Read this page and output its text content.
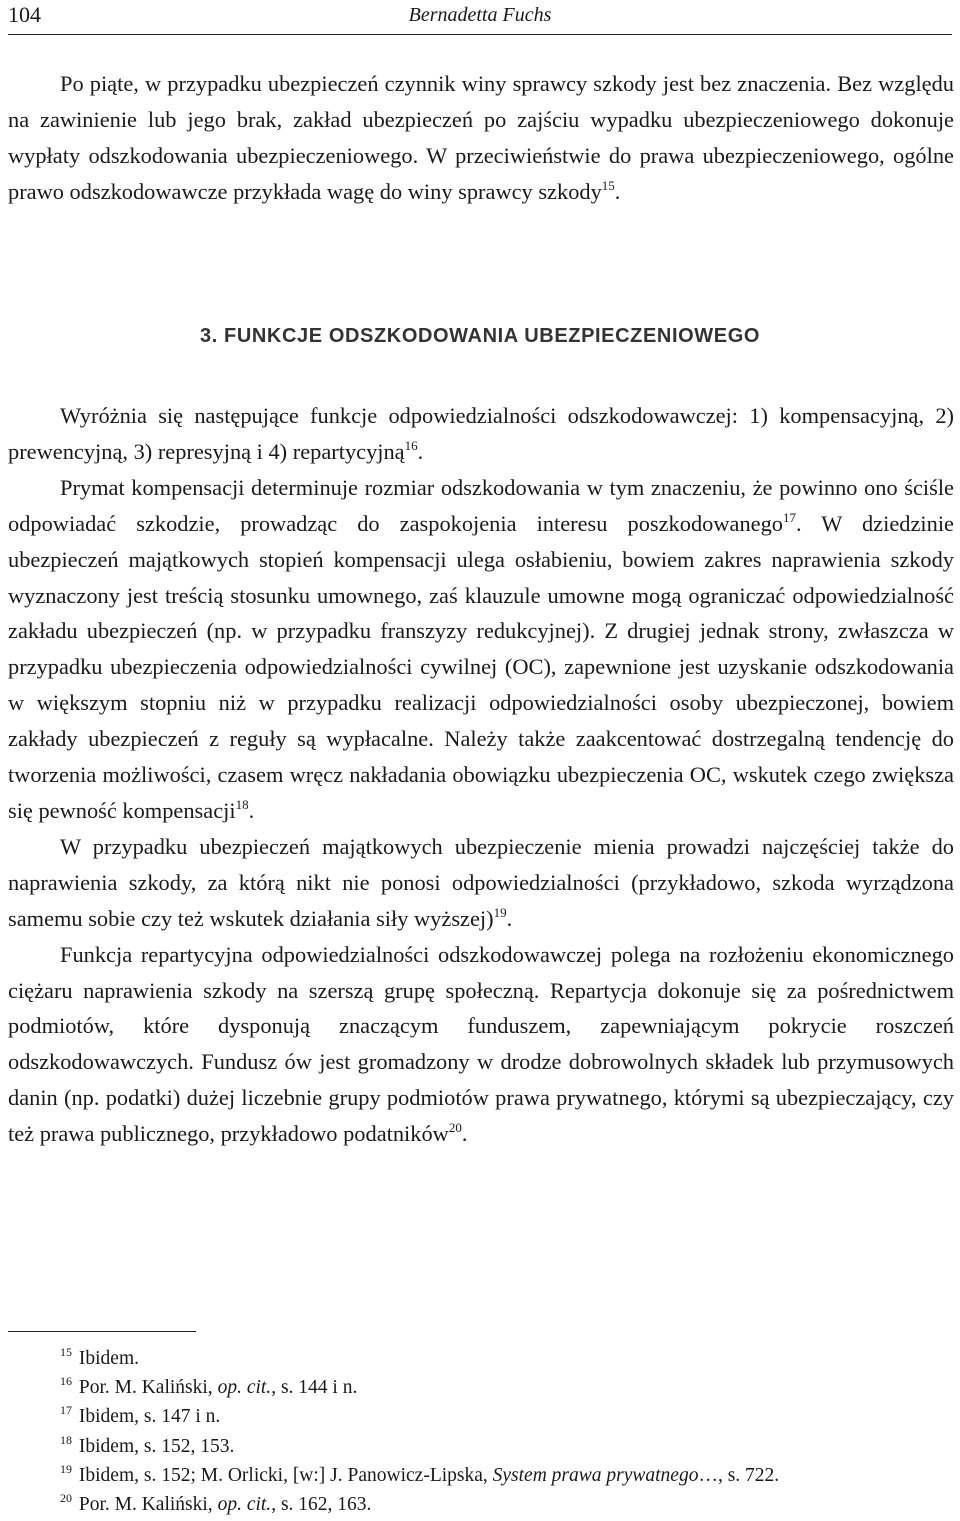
104	Bernadetta Fuchs

Po piąte, w przypadku ubezpieczeń czynnik winy sprawcy szkody jest bez znaczenia. Bez względu na zawinienie lub jego brak, zakład ubezpieczeń po zajściu wypadku ubezpieczeniowego dokonuje wypłaty odszkodowania ubezpieczeniowego. W przeciwieństwie do prawa ubezpieczeniowego, ogólne prawo odszkodowawcze przykłada wagę do winy sprawcy szkody$^{15}$.

3. FUNKCJE ODSZKODOWANIA UBEZPIECZENIOWEGO

Wyróżnia się następujące funkcje odpowiedzialności odszkodowawczej: 1) kompensacyjną, 2) prewencyjną, 3) represyjną i 4) repartycyjną$^{16}$.

Prymat kompensacji determinuje rozmiar odszkodowania w tym znaczeniu, że powinno ono ściśle odpowiadać szkodzie, prowadząc do zaspokojenia interesu poszkodowanego$^{17}$. W dziedzinie ubezpieczeń majątkowych stopień kompensacji ulega osłabieniu, bowiem zakres naprawienia szkody wyznaczony jest treścią stosunku umownego, zaś klauzule umowne mogą ograniczać odpowiedzialność zakładu ubezpieczeń (np. w przypadku franszyzy redukcyjnej). Z drugiej jednak strony, zwłaszcza w przypadku ubezpieczenia odpowiedzialności cywilnej (OC), zapewnione jest uzyskanie odszkodowania w większym stopniu niż w przypadku realizacji odpowiedzialności osoby ubezpieczonej, bowiem zakłady ubezpieczeń z reguły są wypłacalne. Należy także zaakcentować dostrzegalną tendencję do tworzenia możliwości, czasem wręcz nakładania obowiązku ubezpieczenia OC, wskutek czego zwiększa się pewność kompensacji$^{18}$.

W przypadku ubezpieczeń majątkowych ubezpieczenie mienia prowadzi najczęściej także do naprawienia szkody, za którą nikt nie ponosi odpowiedzialności (przykładowo, szkoda wyrządzona samemu sobie czy też wskutek działania siły wyższej)$^{19}$.

Funkcja repartycyjna odpowiedzialności odszkodowawczej polega na rozłożeniu ekonomicznego ciężaru naprawienia szkody na szerszą grupę społeczną. Repartycja dokonuje się za pośrednictwem podmiotów, które dysponują znaczącym funduszem, zapewniającym pokrycie roszczeń odszkodowawczych. Fundusz ów jest gromadzony w drodze dobrowolnych składek lub przymusowych danin (np. podatki) dużej liczebnie grupy podmiotów prawa prywatnego, którymi są ubezpieczający, czy też prawa publicznego, przykładowo podatników$^{20}$.

$^{15}$ Ibidem.
$^{16}$ Por. M. Kaliński, op. cit., s. 144 i n.
$^{17}$ Ibidem, s. 147 i n.
$^{18}$ Ibidem, s. 152, 153.
$^{19}$ Ibidem, s. 152; M. Orlicki, [w:] J. Panowicz-Lipska, System prawa prywatnego…, s. 722.
$^{20}$ Por. M. Kaliński, op. cit., s. 162, 163.
